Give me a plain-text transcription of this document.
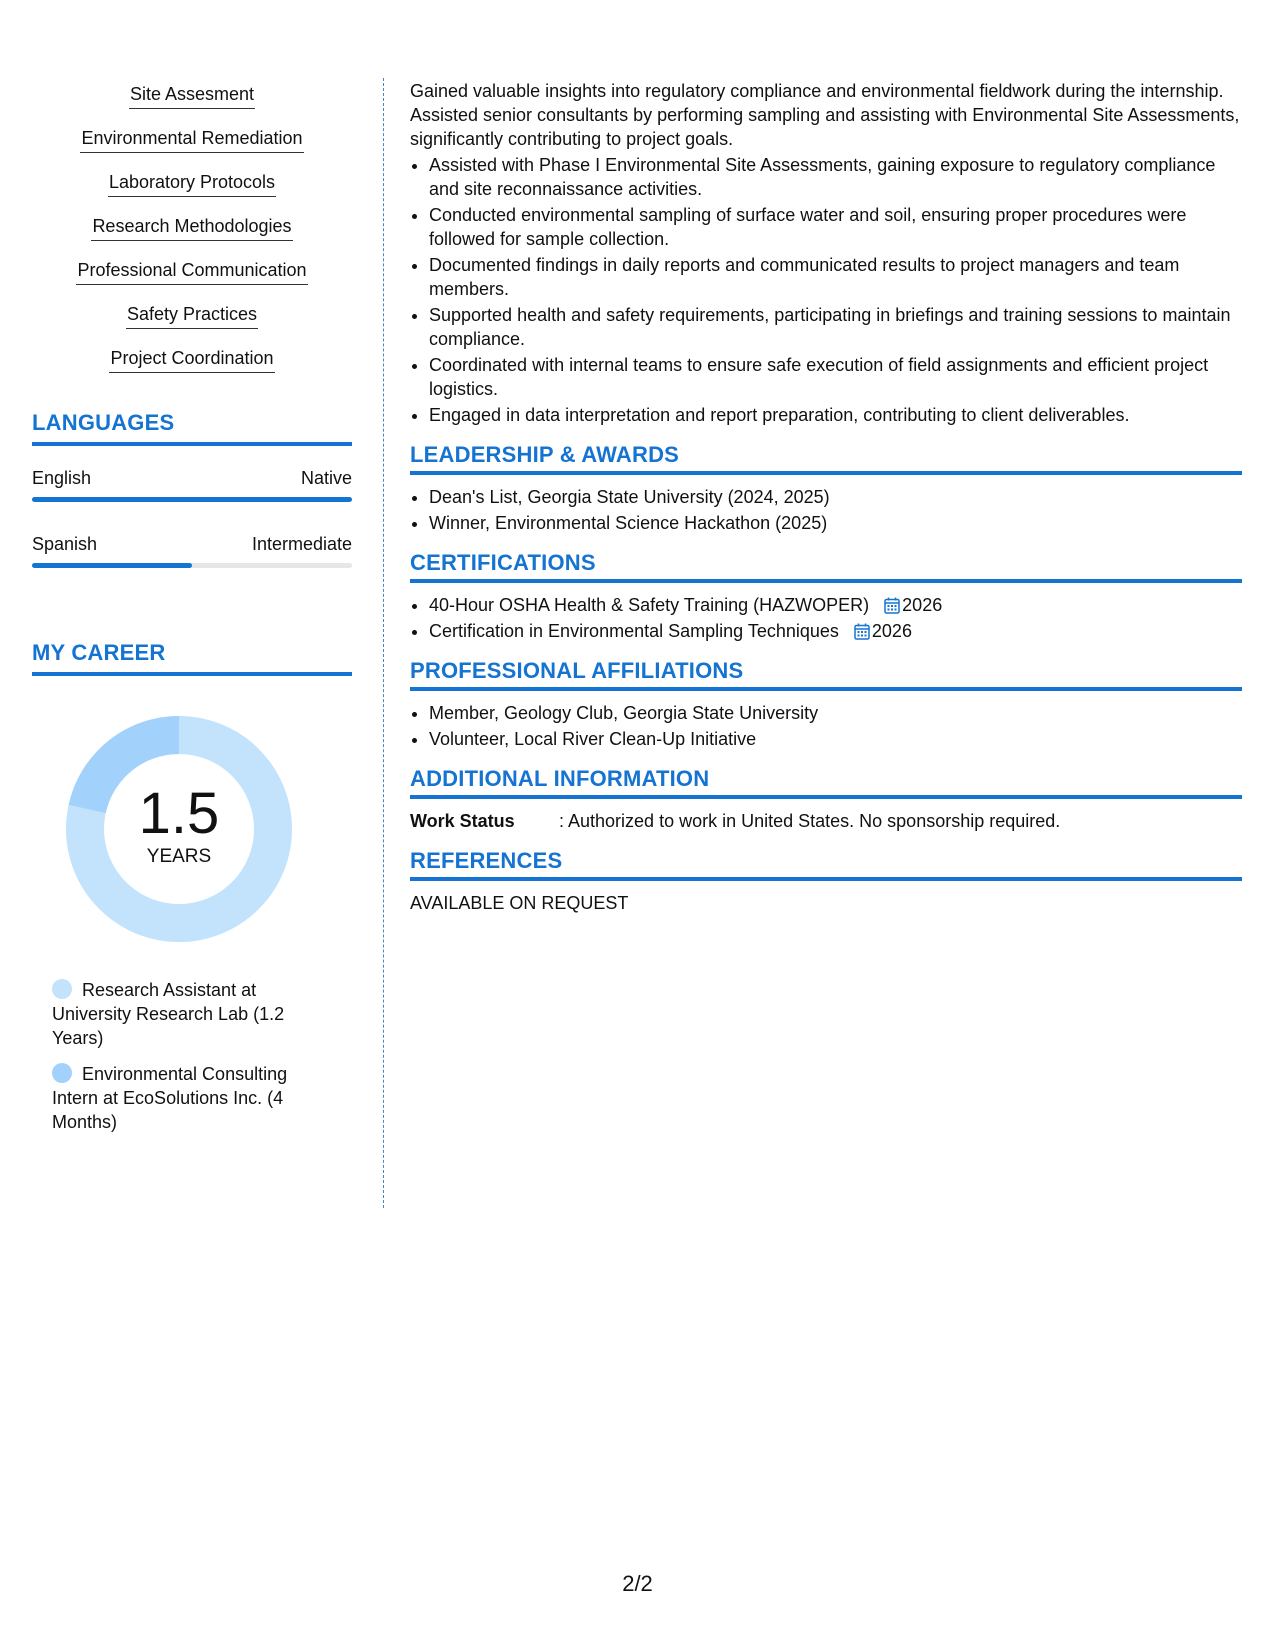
Site Assesment
Environmental Remediation
Laboratory Protocols
Research Methodologies
Professional Communication
Safety Practices
Project Coordination
LANGUAGES
English	Native
Spanish	Intermediate
MY CAREER
1.5
YEARS
Research Assistant at University Research Lab (1.2 Years)
Environmental Consulting Intern at EcoSolutions Inc. (4 Months)

Gained valuable insights into regulatory compliance and environmental fieldwork during the internship. Assisted senior consultants by performing sampling and assisting with Environmental Site Assessments, significantly contributing to project goals.

• Assisted with Phase I Environmental Site Assessments, gaining exposure to regulatory compliance and site reconnaissance activities.
• Conducted environmental sampling of surface water and soil, ensuring proper procedures were followed for sample collection.
• Documented findings in daily reports and communicated results to project managers and team members.
• Supported health and safety requirements, participating in briefings and training sessions to maintain compliance.
• Coordinated with internal teams to ensure safe execution of field assignments and efficient project logistics.
• Engaged in data interpretation and report preparation, contributing to client deliverables.
LEADERSHIP & AWARDS
• Dean's List, Georgia State University (2024, 2025)
• Winner, Environmental Science Hackathon (2025)
CERTIFICATIONS
• 40-Hour OSHA Health & Safety Training (HAZWOPER) 2026
• Certification in Environmental Sampling Techniques 2026
PROFESSIONAL AFFILIATIONS
• Member, Geology Club, Georgia State University
• Volunteer, Local River Clean-Up Initiative
ADDITIONAL INFORMATION
Work Status	: Authorized to work in United States. No sponsorship required.
REFERENCES

AVAILABLE ON REQUEST

2/2
